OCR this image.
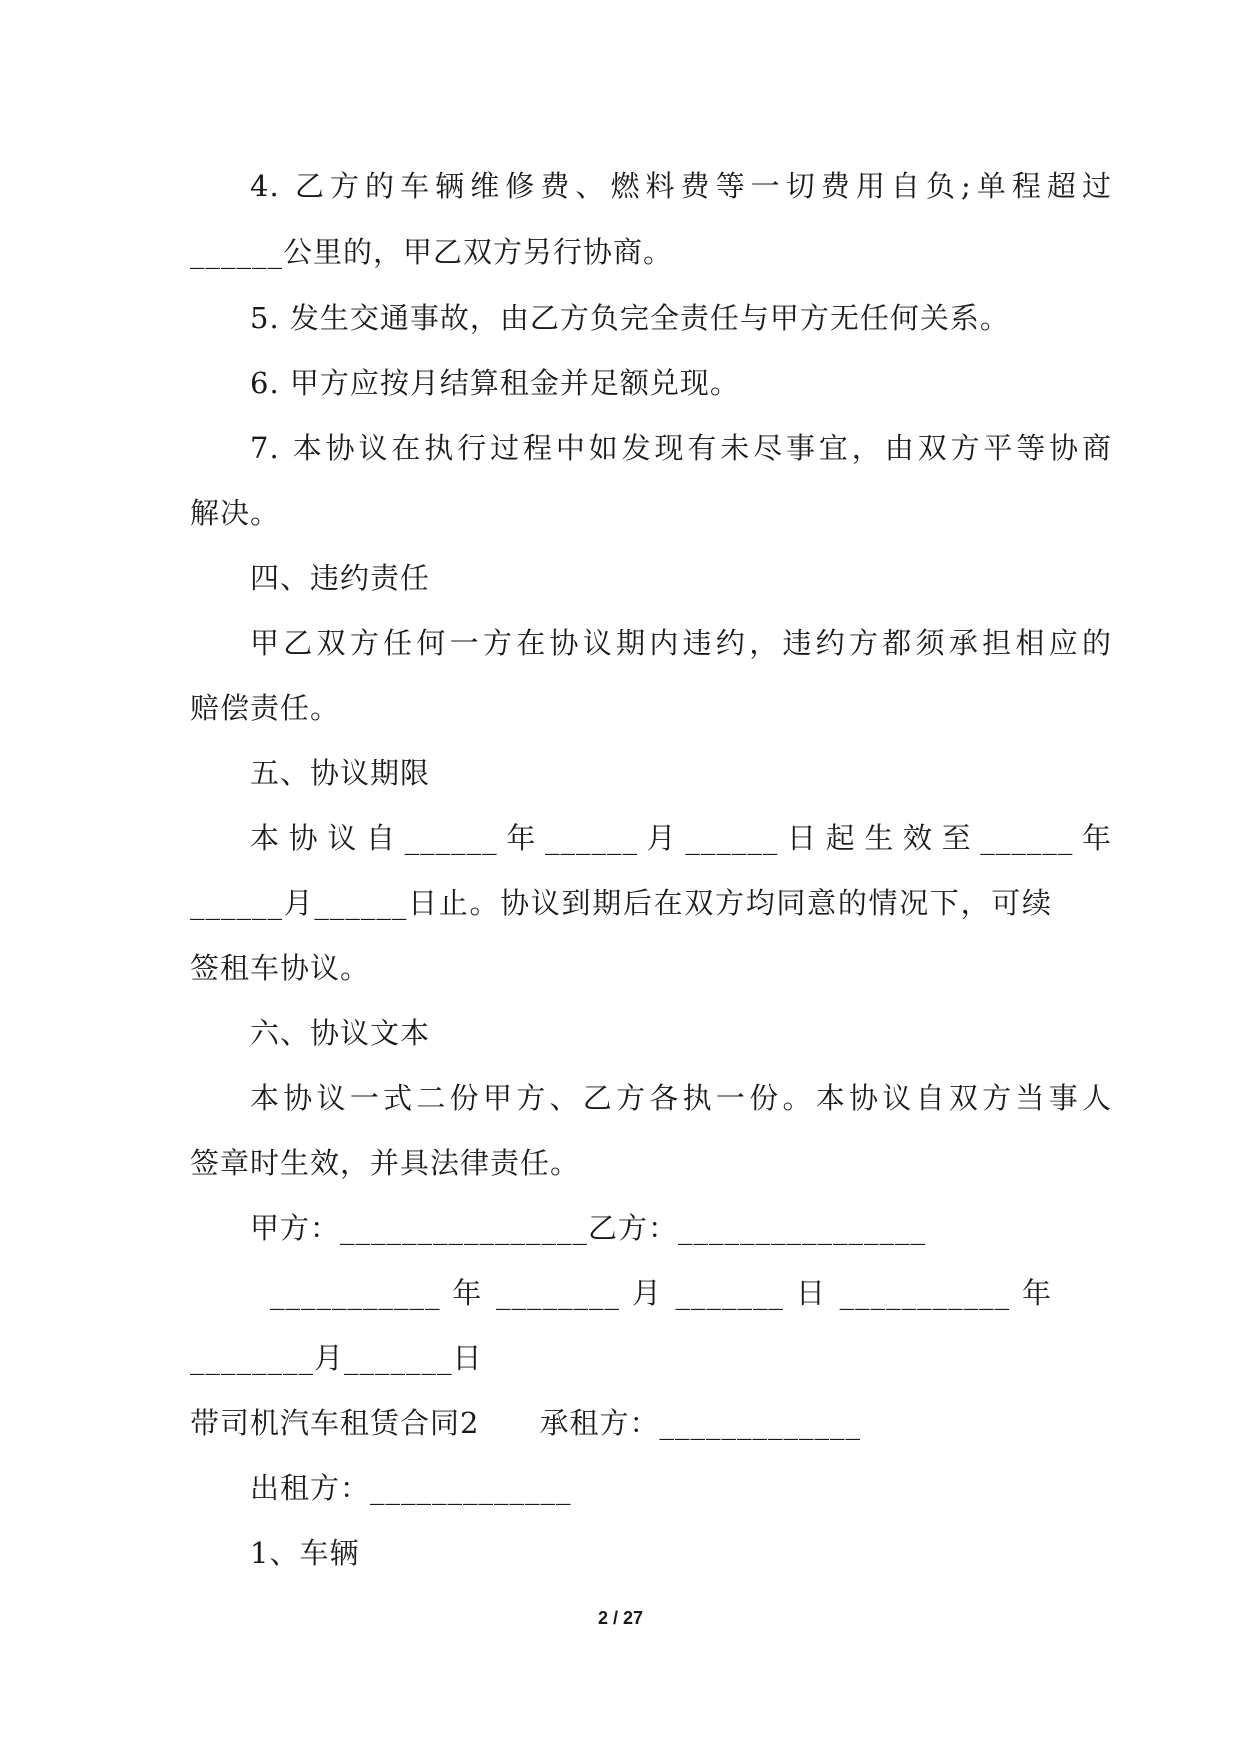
4. 乙方的车辆维修费、燃料费等一切费用自负;单程超过
______公里的，甲乙双方另行协商。
5. 发生交通事故，由乙方负完全责任与甲方无任何关系。
6. 甲方应按月结算租金并足额兑现。
7. 本协议在执行过程中如发现有未尽事宜，由双方平等协商
解决。
四、违约责任
甲乙双方任何一方在协议期内违约，违约方都须承担相应的
赔偿责任。
五、协议期限
本协议自______年______月______日起生效至______年
______月______日止。协议到期后在双方均同意的情况下，可续
签租车协议。
六、协议文本
本协议一式二份甲方、乙方各执一份。本协议自双方当事人
签章时生效，并具法律责任。
甲方：________________乙方：________________
___________ 年 ________ 月 _______ 日 ___________ 年
________月_______日
带司机汽车租赁合同2　　承租方：_____________
出租方：_____________
1、车辆
2 / 27
